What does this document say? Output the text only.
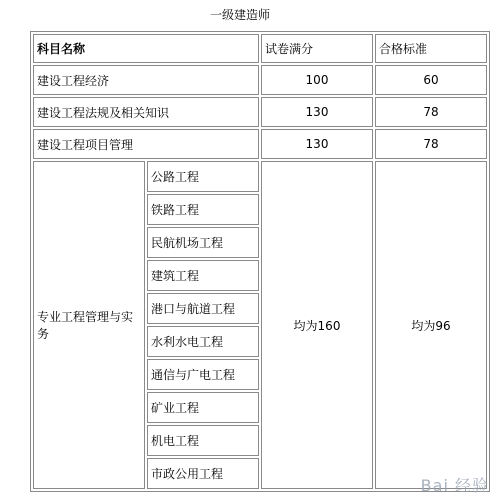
一级建造师
科目名称		试卷满分	合格标准
建设工程经济		100	60
建设工程法规及相关知识		130	78
建设工程项目管理		130	78
专业工程管理与实务	公路工程	均为160	均为96
	铁路工程		
	民航机场工程		
	建筑工程		
	港口与航道工程		
	水利水电工程		
	通信与广电工程		
	矿业工程		
	机电工程		
	市政公用工程		
Bai 经验
